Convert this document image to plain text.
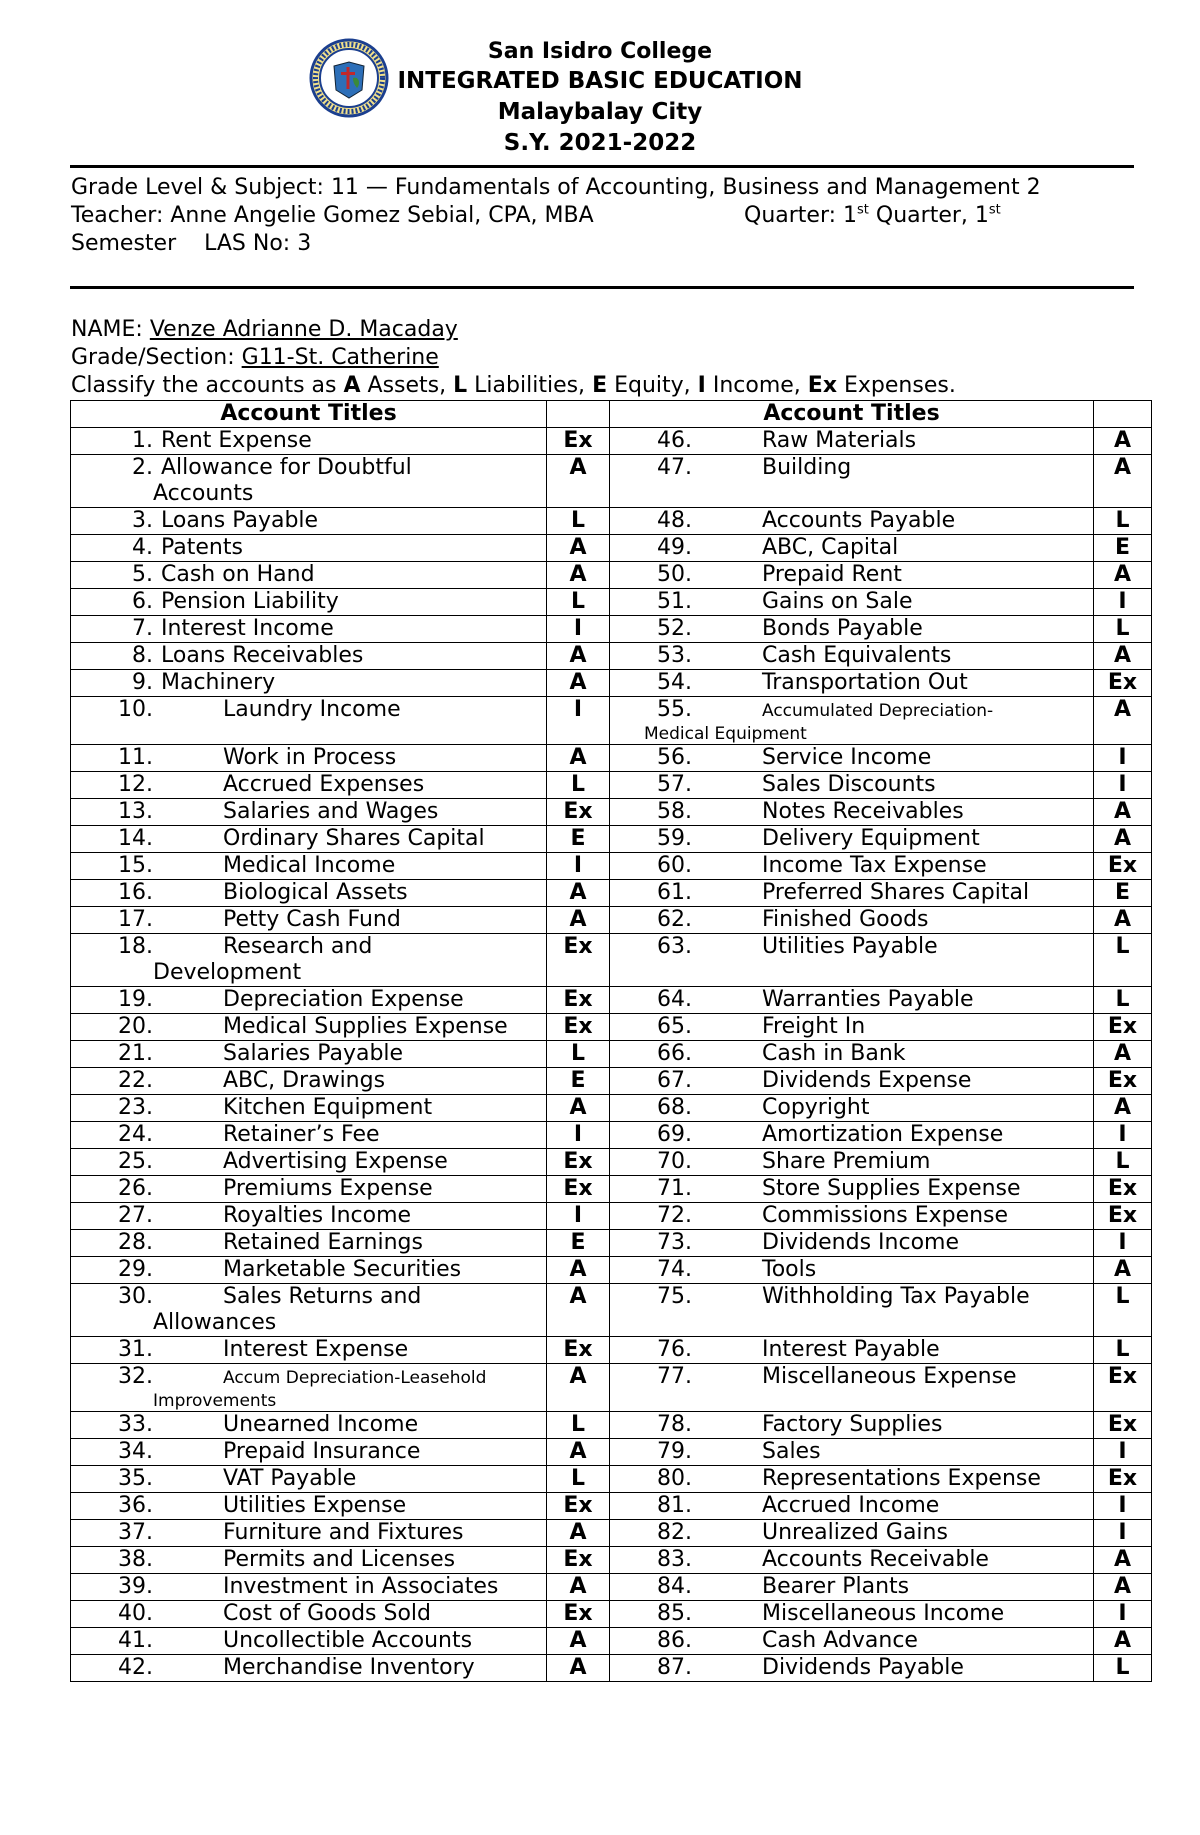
San Isidro College
INTEGRATED BASIC EDUCATION
Malaybalay City
S.Y. 2021-2022
Grade Level & Subject: 11 — Fundamentals of Accounting, Business and Management 2
Teacher: Anne Angelie Gomez Sebial, CPA, MBA	Quarter: 1st Quarter, 1st
Semester LAS No: 3
NAME: Venze Adrianne D. Macaday
Grade/Section: G11-St. Catherine
Classify the accounts as A Assets, L Liabilities, E Equity, I Income, Ex Expenses.
Account Titles		Account Titles	
1. Rent Expense	Ex	46. Raw Materials	A
2. Allowance for Doubtful
Accounts	A	47. Building	A
3. Loans Payable	L	48. Accounts Payable	L
4. Patents	A	49. ABC, Capital	E
5. Cash on Hand	A	50. Prepaid Rent	A
6. Pension Liability	L	51. Gains on Sale	I
7. Interest Income	I	52. Bonds Payable	L
8. Loans Receivables	A	53. Cash Equivalents	A
9. Machinery	A	54. Transportation Out	Ex
10. Laundry Income	I	55. Accumulated Depreciation-
Medical Equipment	A
11. Work in Process	A	56. Service Income	I
12. Accrued Expenses	L	57. Sales Discounts	I
13. Salaries and Wages	Ex	58. Notes Receivables	A
14. Ordinary Shares Capital	E	59. Delivery Equipment	A
15. Medical Income	I	60. Income Tax Expense	Ex
16. Biological Assets	A	61. Preferred Shares Capital	E
17. Petty Cash Fund	A	62. Finished Goods	A
18. Research and
Development	Ex	63. Utilities Payable	L
19. Depreciation Expense	Ex	64. Warranties Payable	L
20. Medical Supplies Expense	Ex	65. Freight In	Ex
21. Salaries Payable	L	66. Cash in Bank	A
22. ABC, Drawings	E	67. Dividends Expense	Ex
23. Kitchen Equipment	A	68. Copyright	A
24. Retainer’s Fee	I	69. Amortization Expense	I
25. Advertising Expense	Ex	70. Share Premium	L
26. Premiums Expense	Ex	71. Store Supplies Expense	Ex
27. Royalties Income	I	72. Commissions Expense	Ex
28. Retained Earnings	E	73. Dividends Income	I
29. Marketable Securities	A	74. Tools	A
30. Sales Returns and
Allowances	A	75. Withholding Tax Payable	L
31. Interest Expense	Ex	76. Interest Payable	L
32. Accum Depreciation-Leasehold
Improvements	A	77. Miscellaneous Expense	Ex
33. Unearned Income	L	78. Factory Supplies	Ex
34. Prepaid Insurance	A	79. Sales	I
35. VAT Payable	L	80. Representations Expense	Ex
36. Utilities Expense	Ex	81. Accrued Income	I
37. Furniture and Fixtures	A	82. Unrealized Gains	I
38. Permits and Licenses	Ex	83. Accounts Receivable	A
39. Investment in Associates	A	84. Bearer Plants	A
40. Cost of Goods Sold	Ex	85. Miscellaneous Income	I
41. Uncollectible Accounts	A	86. Cash Advance	A
42. Merchandise Inventory	A	87. Dividends Payable	L
